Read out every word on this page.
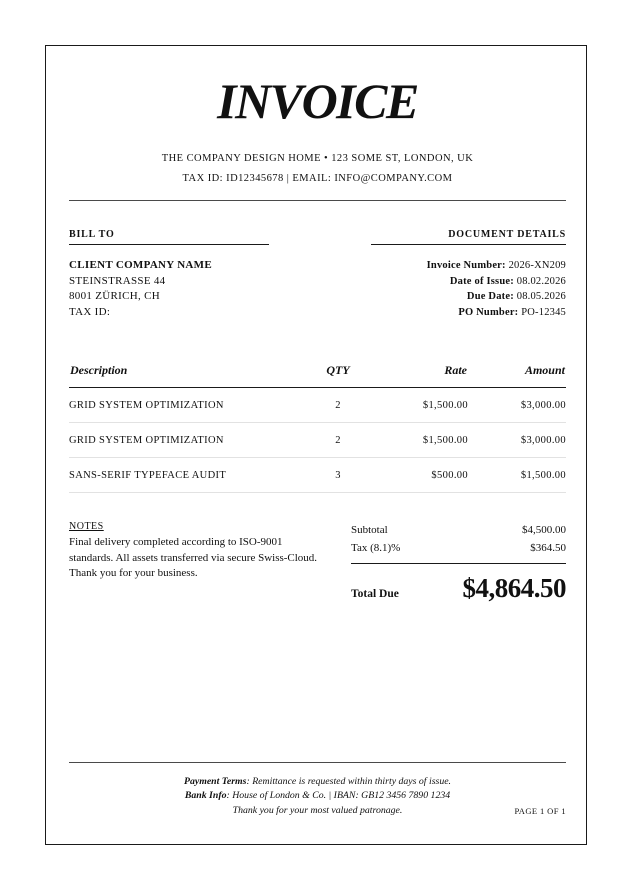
INVOICE
THE COMPANY DESIGN HOME • 123 SOME ST, LONDON, UK
TAX ID: ID12345678 | EMAIL: INFO@COMPANY.COM
BILL TO
CLIENT COMPANY NAME
STEINSTRASSE 44
8001 ZÜRICH, CH
TAX ID:
DOCUMENT DETAILS
Invoice Number: 2026-XN209
Date of Issue: 08.02.2026
Due Date: 08.05.2026
PO Number: PO-12345
Description	QTY	Rate	Amount
GRID SYSTEM OPTIMIZATION	2	$1,500.00	$3,000.00
GRID SYSTEM OPTIMIZATION	2	$1,500.00	$3,000.00
SANS-SERIF TYPEFACE AUDIT	3	$500.00	$1,500.00
NOTES
Final delivery completed according to ISO-9001 standards. All assets transferred via secure Swiss-Cloud. Thank you for your business.
Subtotal	$4,500.00
Tax (8.1)%	$364.50
Total Due $4,864.50
Payment Terms: Remittance is requested within thirty days of issue.
Bank Info: House of London & Co. | IBAN: GB12 3456 7890 1234
Thank you for your most valued patronage.	PAGE 1 OF 1
